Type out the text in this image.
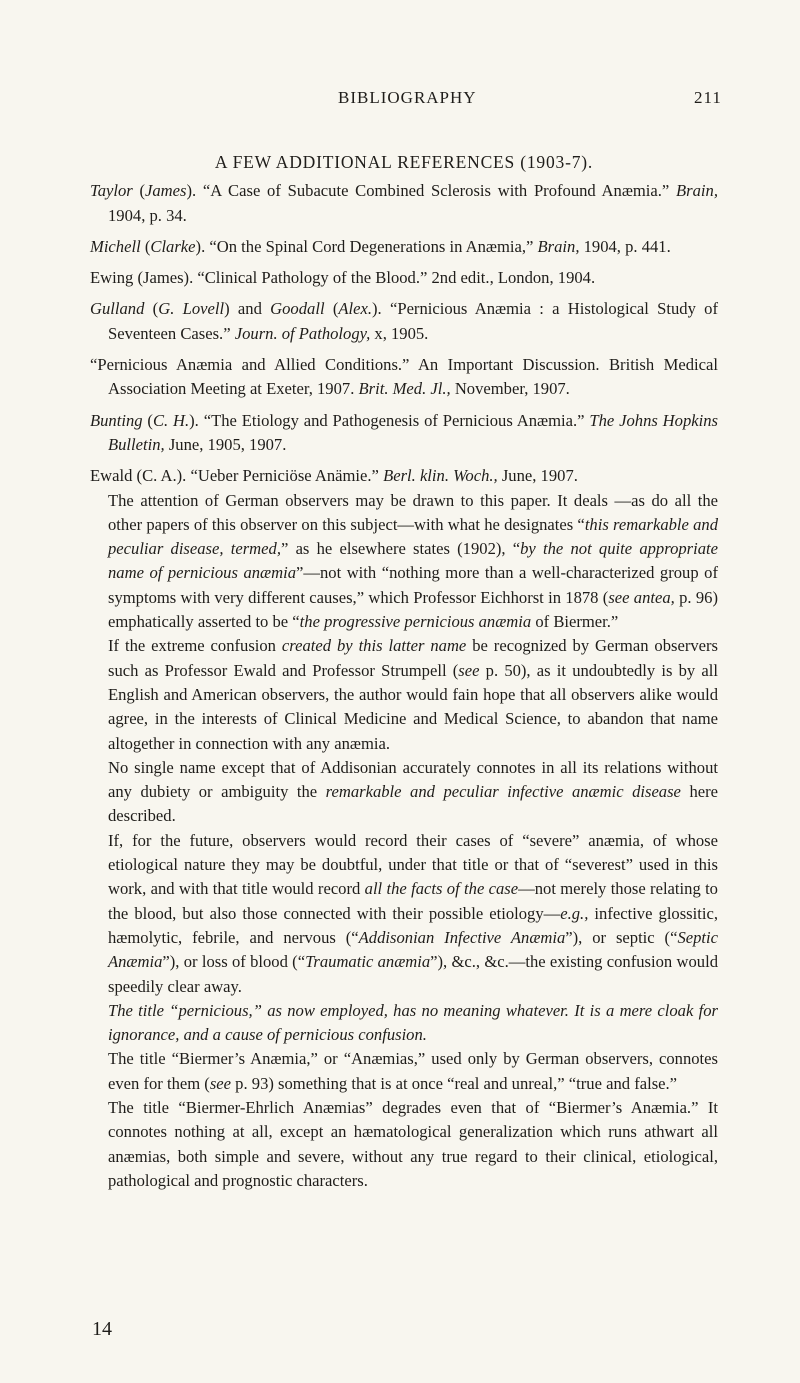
BIBLIOGRAPHY	211
A FEW ADDITIONAL REFERENCES (1903-7).

Taylor (James). “A Case of Subacute Combined Sclerosis with Profound Anæmia.” Brain, 1904, p. 34.

Michell (Clarke). “On the Spinal Cord Degenerations in Anæmia,” Brain, 1904, p. 441.

Ewing (James). “Clinical Pathology of the Blood.” 2nd edit., London, 1904.

Gulland (G. Lovell) and Goodall (Alex.). “Pernicious Anæmia : a Histological Study of Seventeen Cases.” Journ. of Pathology, x, 1905.

“Pernicious Anæmia and Allied Conditions.” An Important Discussion. British Medical Association Meeting at Exeter, 1907. Brit. Med. Jl., November, 1907.

Bunting (C. H.). “The Etiology and Pathogenesis of Pernicious Anæmia.” The Johns Hopkins Bulletin, June, 1905, 1907.

Ewald (C. A.). “Ueber Perniciöse Anämie.” Berl. klin. Woch., June, 1907.

The attention of German observers may be drawn to this paper. It deals —as do all the other papers of this observer on this subject—with what he designates “this remarkable and peculiar disease, termed,” as he elsewhere states (1902), “by the not quite appropriate name of pernicious anæmia”—not with “nothing more than a well-characterized group of symptoms with very different causes,” which Professor Eichhorst in 1878 (see antea, p. 96) emphatically asserted to be “the progressive pernicious anæmia of Biermer.”

If the extreme confusion created by this latter name be recognized by German observers such as Professor Ewald and Professor Strumpell (see p. 50), as it undoubtedly is by all English and American observers, the author would fain hope that all observers alike would agree, in the interests of Clinical Medicine and Medical Science, to abandon that name altogether in connection with any anæmia.

No single name except that of Addisonian accurately connotes in all its relations without any dubiety or ambiguity the remarkable and peculiar infective anæmic disease here described.

If, for the future, observers would record their cases of “severe” anæmia, of whose etiological nature they may be doubtful, under that title or that of “severest” used in this work, and with that title would record all the facts of the case—not merely those relating to the blood, but also those connected with their possible etiology—e.g., infective glossitic, hæmolytic, febrile, and nervous (“Addisonian Infective Anæmia”), or septic (“Septic Anæmia”), or loss of blood (“Traumatic anæmia”), &c., &c.—the existing confusion would speedily clear away.

The title “pernicious,” as now employed, has no meaning whatever. It is a mere cloak for ignorance, and a cause of pernicious confusion.

The title “Biermer’s Anæmia,” or “Anæmias,” used only by German observers, connotes even for them (see p. 93) something that is at once “real and unreal,” “true and false.”

The title “Biermer-Ehrlich Anæmias” degrades even that of “Biermer’s Anæmia.” It connotes nothing at all, except an hæmatological generalization which runs athwart all anæmias, both simple and severe, without any true regard to their clinical, etiological, pathological and prognostic characters.

14
